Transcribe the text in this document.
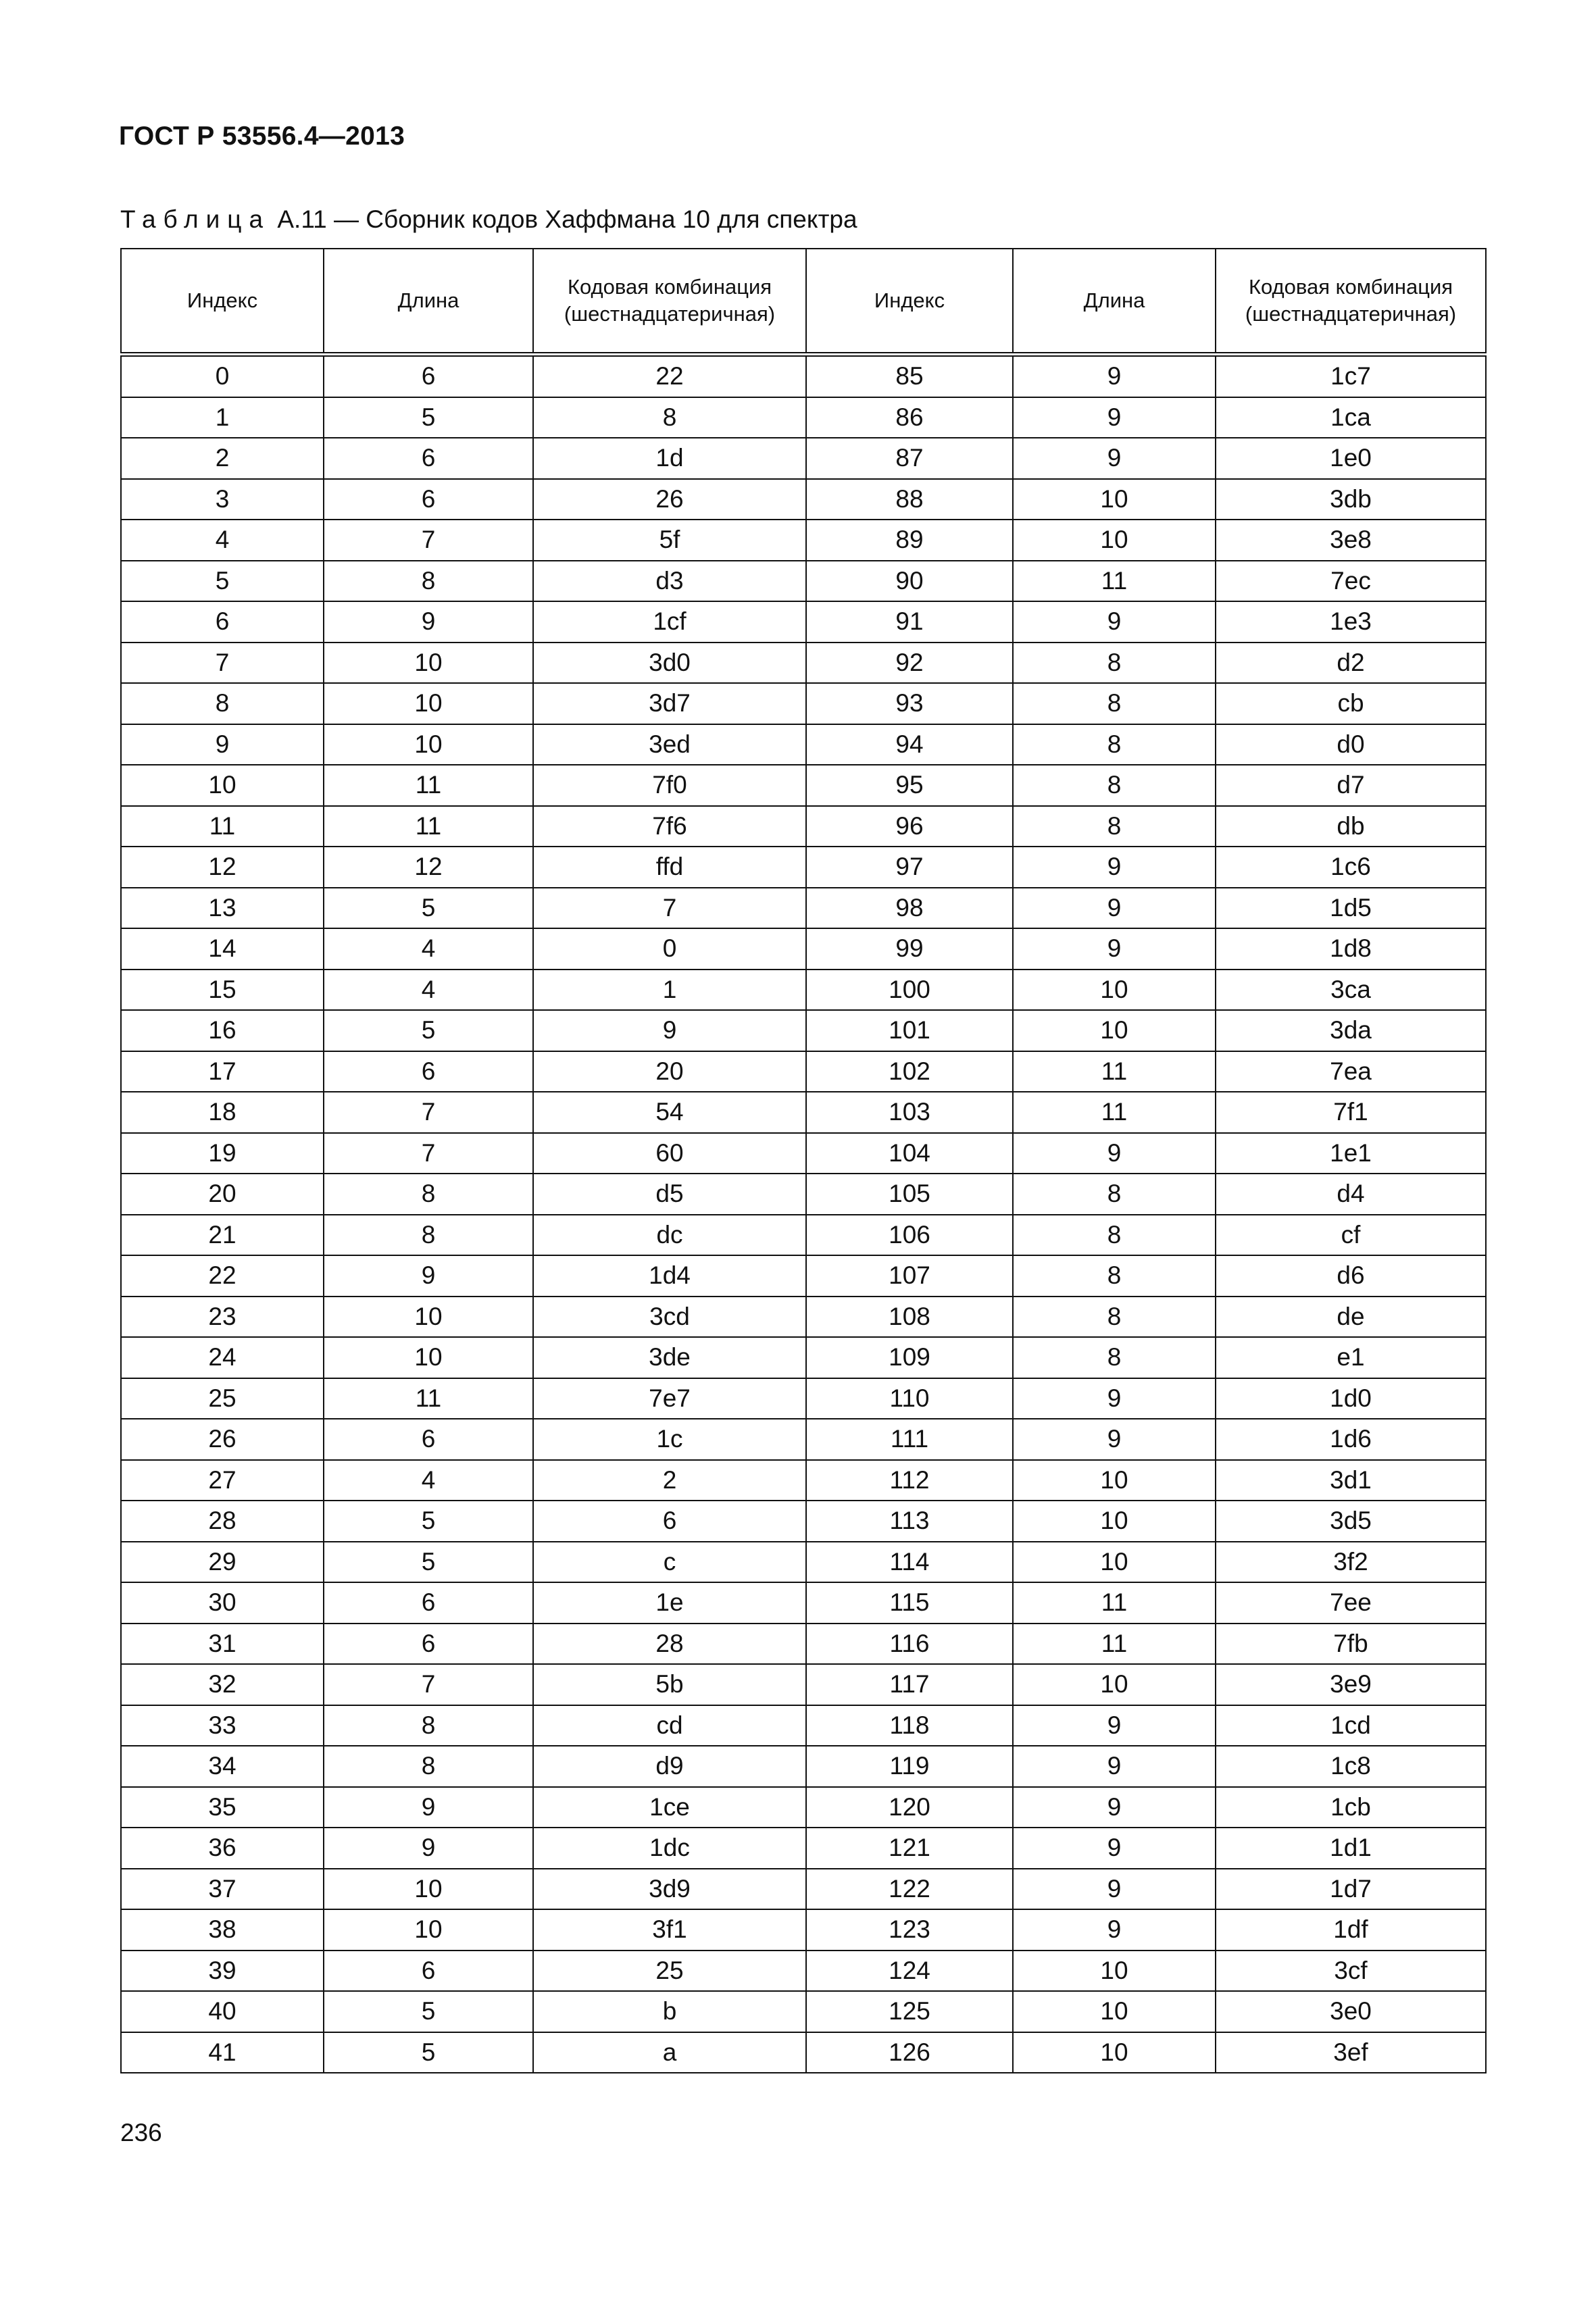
ГОСТ Р 53556.4—2013
Таблица А.11 — Сборник кодов Хаффмана 10 для спектра
Индекс	Длина	Кодовая комбинация (шестнадцатеричная)	Индекс	Длина	Кодовая комбинация (шестнадцатеричная)
0	6	22	85	9	1c7
1	5	8	86	9	1ca
2	6	1d	87	9	1e0
3	6	26	88	10	3db
4	7	5f	89	10	3e8
5	8	d3	90	11	7ec
6	9	1cf	91	9	1e3
7	10	3d0	92	8	d2
8	10	3d7	93	8	cb
9	10	3ed	94	8	d0
10	11	7f0	95	8	d7
11	11	7f6	96	8	db
12	12	ffd	97	9	1c6
13	5	7	98	9	1d5
14	4	0	99	9	1d8
15	4	1	100	10	3ca
16	5	9	101	10	3da
17	6	20	102	11	7ea
18	7	54	103	11	7f1
19	7	60	104	9	1e1
20	8	d5	105	8	d4
21	8	dc	106	8	cf
22	9	1d4	107	8	d6
23	10	3cd	108	8	de
24	10	3de	109	8	e1
25	11	7e7	110	9	1d0
26	6	1c	111	9	1d6
27	4	2	112	10	3d1
28	5	6	113	10	3d5
29	5	c	114	10	3f2
30	6	1e	115	11	7ee
31	6	28	116	11	7fb
32	7	5b	117	10	3e9
33	8	cd	118	9	1cd
34	8	d9	119	9	1c8
35	9	1ce	120	9	1cb
36	9	1dc	121	9	1d1
37	10	3d9	122	9	1d7
38	10	3f1	123	9	1df
39	6	25	124	10	3cf
40	5	b	125	10	3e0
41	5	a	126	10	3ef
236
